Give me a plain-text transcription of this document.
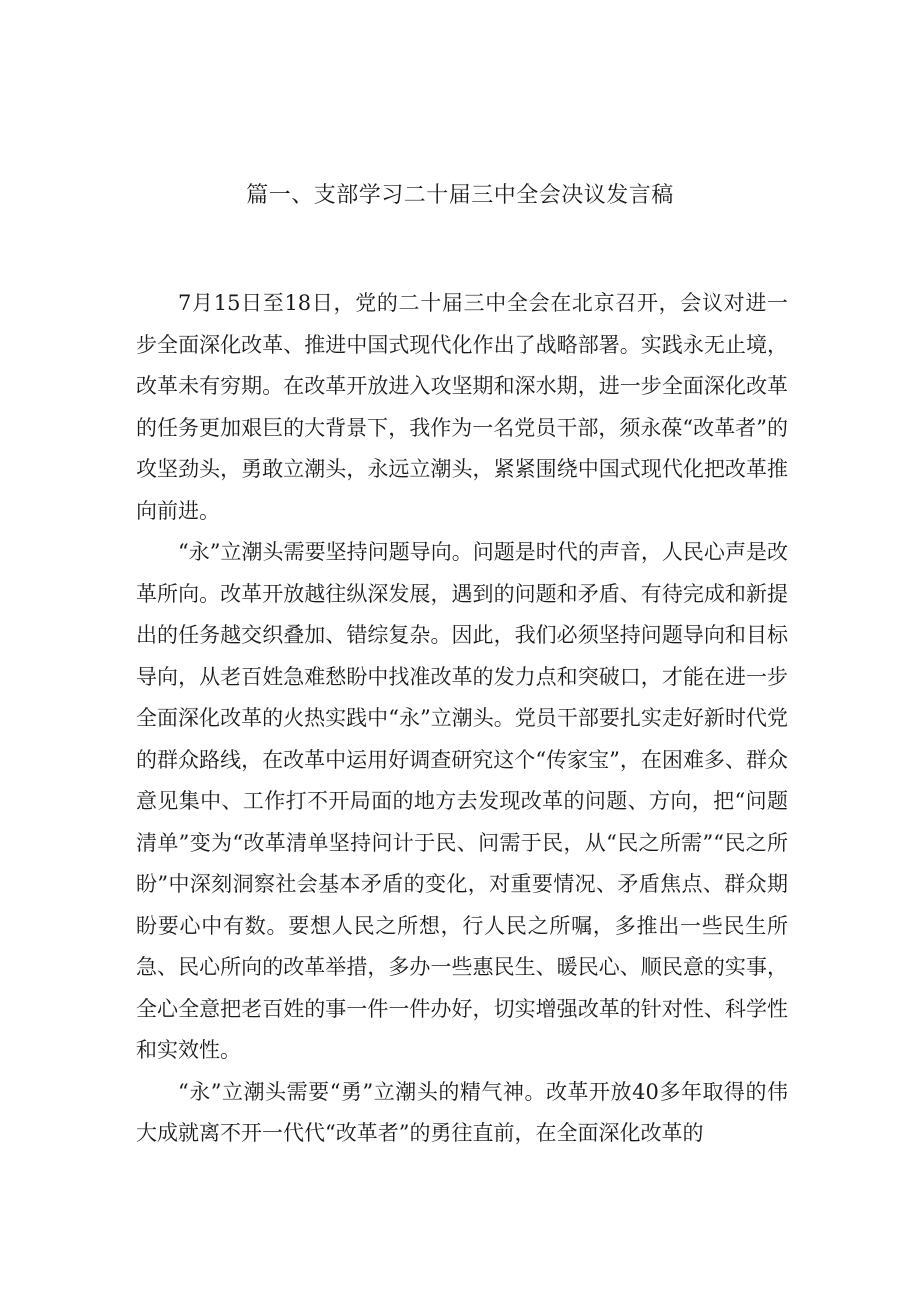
篇一、支部学习二十届三中全会决议发言稿

7月15日至18日，党的二十届三中全会在北京召开，会议对进一步全面深化改革、推进中国式现代化作出了战略部署。实践永无止境，改革未有穷期。在改革开放进入攻坚期和深水期，进一步全面深化改革的任务更加艰巨的大背景下，我作为一名党员干部，须永葆“改革者”的攻坚劲头，勇敢立潮头，永远立潮头，紧紧围绕中国式现代化把改革推向前进。

“永”立潮头需要坚持问题导向。问题是时代的声音，人民心声是改革所向。改革开放越往纵深发展，遇到的问题和矛盾、有待完成和新提出的任务越交织叠加、错综复杂。因此，我们必须坚持问题导向和目标导向，从老百姓急难愁盼中找准改革的发力点和突破口，才能在进一步全面深化改革的火热实践中“永”立潮头。党员干部要扎实走好新时代党的群众路线，在改革中运用好调查研究这个“传家宝”，在困难多、群众意见集中、工作打不开局面的地方去发现改革的问题、方向，把“问题清单”变为“改革清单坚持问计于民、问需于民，从“民之所需”“民之所盼”中深刻洞察社会基本矛盾的变化，对重要情况、矛盾焦点、群众期盼要心中有数。要想人民之所想，行人民之所嘱，多推出一些民生所急、民心所向的改革举措，多办一些惠民生、暖民心、顺民意的实事，全心全意把老百姓的事一件一件办好，切实增强改革的针对性、科学性和实效性。

“永”立潮头需要“勇”立潮头的精气神。改革开放40多年取得的伟大成就离不开一代代“改革者”的勇往直前，在全面深化改革的
